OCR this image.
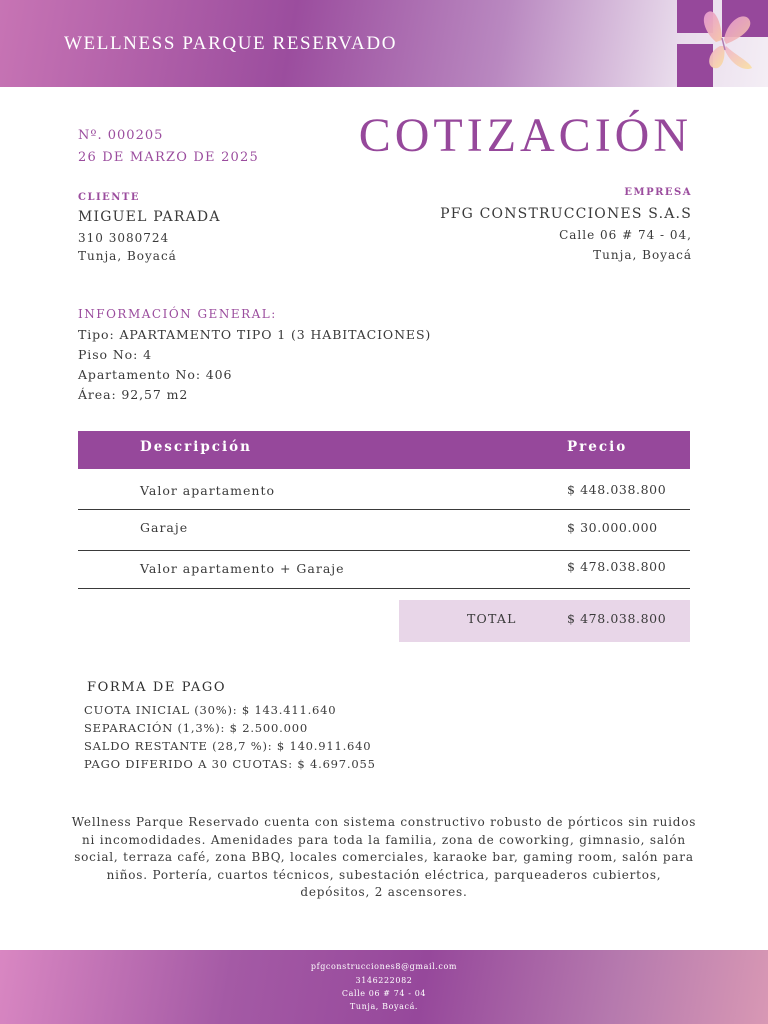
WELLNESS PARQUE RESERVADO
Nº. 000205
26 DE MARZO DE 2025 COTIZACIÓN
CLIENTE
MIGUEL PARADA
310 3080724
Tunja, Boyacá
EMPRESA
PFG CONSTRUCCIONES S.A.S
Calle 06 # 74 - 04,
Tunja, Boyacá
INFORMACIÓN GENERAL:
Tipo: APARTAMENTO TIPO 1 (3 HABITACIONES)
Piso No: 4
Apartamento No: 406
Área: 92,57 m2
Descripción	Precio
Valor apartamento	$ 448.038.800
Garaje	$ 30.000.000
Valor apartamento + Garaje	$ 478.038.800
TOTAL	$ 478.038.800
FORMA DE PAGO
CUOTA INICIAL (30%): $ 143.411.640
SEPARACIÓN (1,3%): $ 2.500.000
SALDO RESTANTE (28,7 %): $ 140.911.640
PAGO DIFERIDO A 30 CUOTAS: $ 4.697.055
Wellness Parque Reservado cuenta con sistema constructivo robusto de pórticos sin ruidos ni incomodidades. Amenidades para toda la familia, zona de coworking, gimnasio, salón social, terraza café, zona BBQ, locales comerciales, karaoke bar, gaming room, salón para niños. Portería, cuartos técnicos, subestación eléctrica, parqueaderos cubiertos, depósitos, 2 ascensores.
pfgconstrucciones8@gmail.com
3146222082
Calle 06 # 74 - 04
Tunja, Boyacá.
